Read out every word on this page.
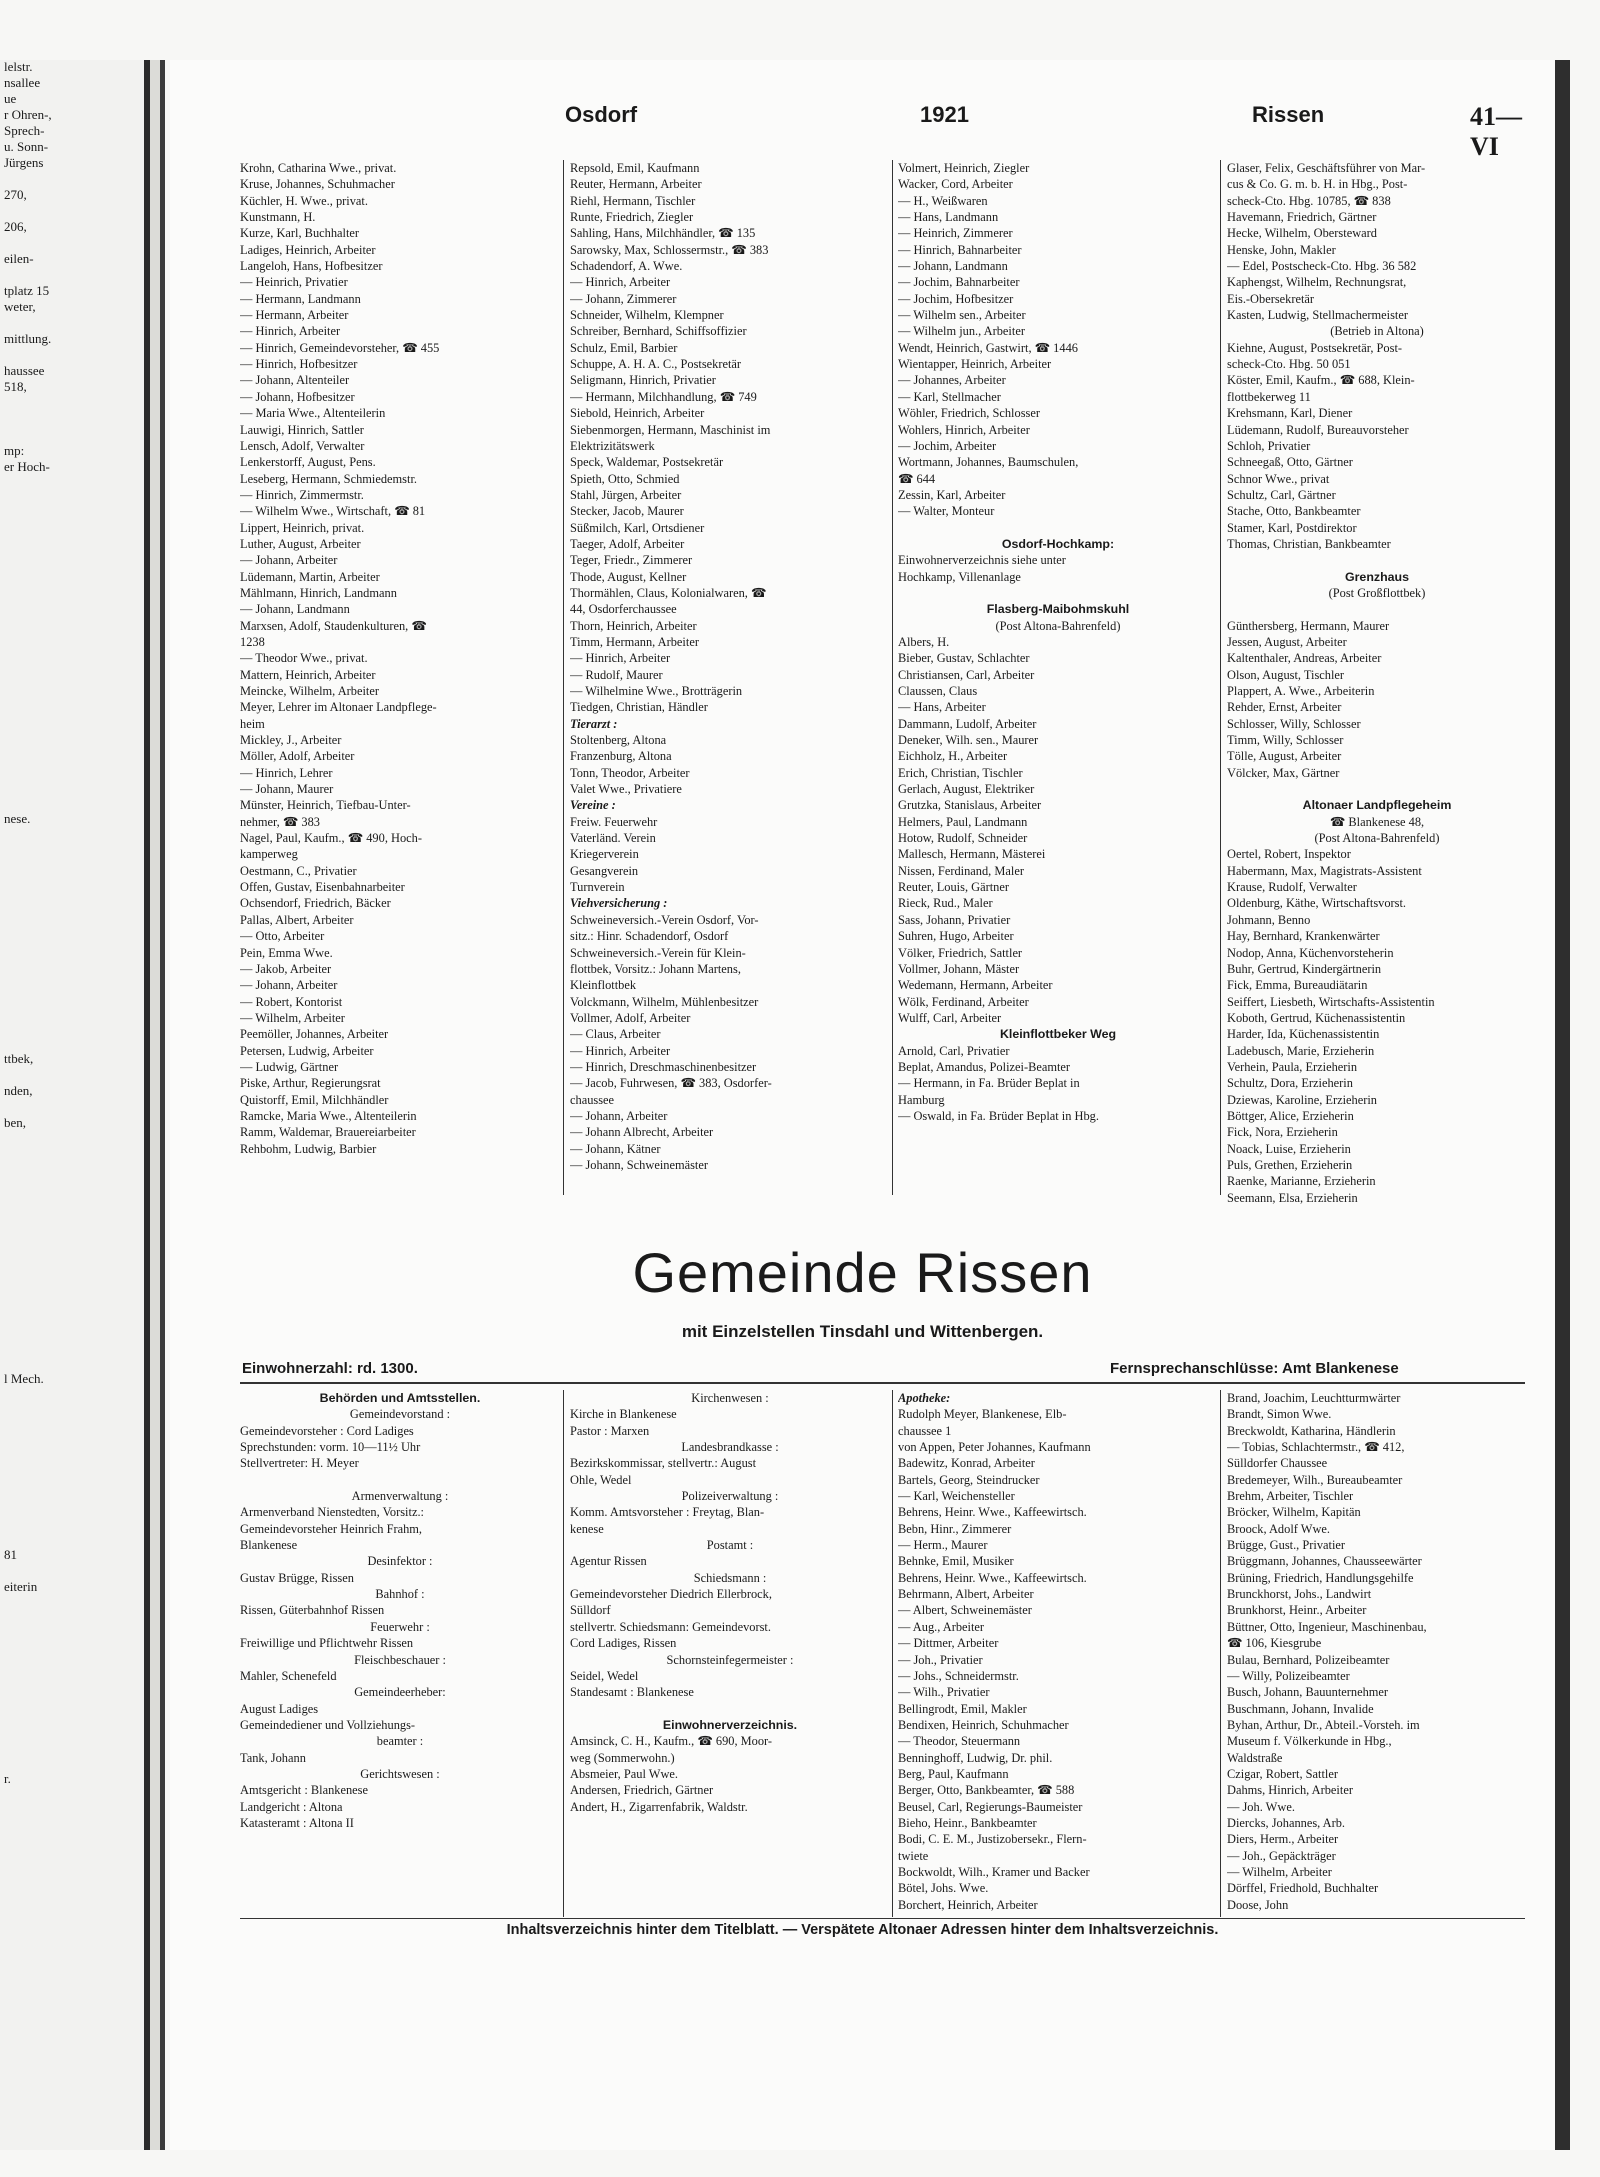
lelstr.
nsallee
ue
r Ohren-,
Sprech-
u. Sonn-
Jürgens
270,
206,
eilen-
tplatz 15
weter,
mittlung.
haussee
518,
mp:
er Hoch-
nese.
ttbek,
nden,
ben,
l Mech.
81
eiterin
r.
Osdorf	1921	Rissen	41—VI
Krohn, Catharina Wwe., privat.
Kruse, Johannes, Schuhmacher
Küchler, H. Wwe., privat.
Kunstmann, H.
Kurze, Karl, Buchhalter
Ladiges, Heinrich, Arbeiter
Langeloh, Hans, Hofbesitzer
— Heinrich, Privatier
— Hermann, Landmann
— Hermann, Arbeiter
— Hinrich, Arbeiter
— Hinrich, Gemeindevorsteher, ☎ 455
— Hinrich, Hofbesitzer
— Johann, Altenteiler
— Johann, Hofbesitzer
— Maria Wwe., Altenteilerin
Lauwigi, Hinrich, Sattler
Lensch, Adolf, Verwalter
Lenkerstorff, August, Pens.
Leseberg, Hermann, Schmiedemstr.
— Hinrich, Zimmermstr.
— Wilhelm Wwe., Wirtschaft, ☎ 81
Lippert, Heinrich, privat.
Luther, August, Arbeiter
— Johann, Arbeiter
Lüdemann, Martin, Arbeiter
Mählmann, Hinrich, Landmann
— Johann, Landmann
Marxsen, Adolf, Staudenkulturen, ☎
1238
— Theodor Wwe., privat.
Mattern, Heinrich, Arbeiter
Meincke, Wilhelm, Arbeiter
Meyer, Lehrer im Altonaer Landpflege-
heim
Mickley, J., Arbeiter
Möller, Adolf, Arbeiter
— Hinrich, Lehrer
— Johann, Maurer
Münster, Heinrich, Tiefbau-Unter-
nehmer, ☎ 383
Nagel, Paul, Kaufm., ☎ 490, Hoch-
kamperweg
Oestmann, C., Privatier
Offen, Gustav, Eisenbahnarbeiter
Ochsendorf, Friedrich, Bäcker
Pallas, Albert, Arbeiter
— Otto, Arbeiter
Pein, Emma Wwe.
— Jakob, Arbeiter
— Johann, Arbeiter
— Robert, Kontorist
— Wilhelm, Arbeiter
Peemöller, Johannes, Arbeiter
Petersen, Ludwig, Arbeiter
— Ludwig, Gärtner
Piske, Arthur, Regierungsrat
Quistorff, Emil, Milchhändler
Ramcke, Maria Wwe., Altenteilerin
Ramm, Waldemar, Brauereiarbeiter
Rehbohm, Ludwig, Barbier
Repsold, Emil, Kaufmann
Reuter, Hermann, Arbeiter
Riehl, Hermann, Tischler
Runte, Friedrich, Ziegler
Sahling, Hans, Milchhändler, ☎ 135
Sarowsky, Max, Schlossermstr., ☎ 383
Schadendorf, A. Wwe.
— Hinrich, Arbeiter
— Johann, Zimmerer
Schneider, Wilhelm, Klempner
Schreiber, Bernhard, Schiffsoffizier
Schulz, Emil, Barbier
Schuppe, A. H. A. C., Postsekretär
Seligmann, Hinrich, Privatier
— Hermann, Milchhandlung, ☎ 749
Siebold, Heinrich, Arbeiter
Siebenmorgen, Hermann, Maschinist im
Elektrizitätswerk
Speck, Waldemar, Postsekretär
Spieth, Otto, Schmied
Stahl, Jürgen, Arbeiter
Stecker, Jacob, Maurer
Süßmilch, Karl, Ortsdiener
Taeger, Adolf, Arbeiter
Teger, Friedr., Zimmerer
Thode, August, Kellner
Thormählen, Claus, Kolonialwaren, ☎
44, Osdorferchaussee
Thorn, Heinrich, Arbeiter
Timm, Hermann, Arbeiter
— Hinrich, Arbeiter
— Rudolf, Maurer
— Wilhelmine Wwe., Brotträgerin
Tiedgen, Christian, Händler
Tierarzt :
Stoltenberg, Altona
Franzenburg, Altona
Tonn, Theodor, Arbeiter
Valet Wwe., Privatiere
Vereine :
Freiw. Feuerwehr
Vaterländ. Verein
Kriegerverein
Gesangverein
Turnverein
Viehversicherung :
Schweineversich.-Verein Osdorf, Vor-
sitz.: Hinr. Schadendorf, Osdorf
Schweineversich.-Verein für Klein-
flottbek, Vorsitz.: Johann Martens,
Kleinflottbek
Volckmann, Wilhelm, Mühlenbesitzer
Vollmer, Adolf, Arbeiter
— Claus, Arbeiter
— Hinrich, Arbeiter
— Hinrich, Dreschmaschinenbesitzer
— Jacob, Fuhrwesen, ☎ 383, Osdorfer-
chaussee
— Johann, Arbeiter
— Johann Albrecht, Arbeiter
— Johann, Kätner
— Johann, Schweinemäster
Volmert, Heinrich, Ziegler
Wacker, Cord, Arbeiter
— H., Weißwaren
— Hans, Landmann
— Heinrich, Zimmerer
— Hinrich, Bahnarbeiter
— Johann, Landmann
— Jochim, Bahnarbeiter
— Jochim, Hofbesitzer
— Wilhelm sen., Arbeiter
— Wilhelm jun., Arbeiter
Wendt, Heinrich, Gastwirt, ☎ 1446
Wientapper, Heinrich, Arbeiter
— Johannes, Arbeiter
— Karl, Stellmacher
Wöhler, Friedrich, Schlosser
Wohlers, Hinrich, Arbeiter
— Jochim, Arbeiter
Wortmann, Johannes, Baumschulen,
☎ 644
Zessin, Karl, Arbeiter
— Walter, Monteur
Osdorf-Hochkamp:
Einwohnerverzeichnis siehe unter
Hochkamp, Villenanlage
Flasberg-Maibohmskuhl
(Post Altona-Bahrenfeld)
Albers, H.
Bieber, Gustav, Schlachter
Christiansen, Carl, Arbeiter
Claussen, Claus
— Hans, Arbeiter
Dammann, Ludolf, Arbeiter
Deneker, Wilh. sen., Maurer
Eichholz, H., Arbeiter
Erich, Christian, Tischler
Gerlach, August, Elektriker
Grutzka, Stanislaus, Arbeiter
Helmers, Paul, Landmann
Hotow, Rudolf, Schneider
Mallesch, Hermann, Mästerei
Nissen, Ferdinand, Maler
Reuter, Louis, Gärtner
Rieck, Rud., Maler
Sass, Johann, Privatier
Suhren, Hugo, Arbeiter
Völker, Friedrich, Sattler
Vollmer, Johann, Mäster
Wedemann, Hermann, Arbeiter
Wölk, Ferdinand, Arbeiter
Wulff, Carl, Arbeiter
Kleinflottbeker Weg
Arnold, Carl, Privatier
Beplat, Amandus, Polizei-Beamter
— Hermann, in Fa. Brüder Beplat in
Hamburg
— Oswald, in Fa. Brüder Beplat in Hbg.
Glaser, Felix, Geschäftsführer von Mar-
cus & Co. G. m. b. H. in Hbg., Post-
scheck-Cto. Hbg. 10785, ☎ 838
Havemann, Friedrich, Gärtner
Hecke, Wilhelm, Obersteward
Henske, John, Makler
— Edel, Postscheck-Cto. Hbg. 36 582
Kaphengst, Wilhelm, Rechnungsrat,
Eis.-Obersekretär
Kasten, Ludwig, Stellmachermeister
(Betrieb in Altona)
Kiehne, August, Postsekretär, Post-
scheck-Cto. Hbg. 50 051
Köster, Emil, Kaufm., ☎ 688, Klein-
flottbekerweg 11
Krehsmann, Karl, Diener
Lüdemann, Rudolf, Bureauvorsteher
Schloh, Privatier
Schneegaß, Otto, Gärtner
Schnor Wwe., privat
Schultz, Carl, Gärtner
Stache, Otto, Bankbeamter
Stamer, Karl, Postdirektor
Thomas, Christian, Bankbeamter
Grenzhaus
(Post Großflottbek)
Günthersberg, Hermann, Maurer
Jessen, August, Arbeiter
Kaltenthaler, Andreas, Arbeiter
Olson, August, Tischler
Plappert, A. Wwe., Arbeiterin
Rehder, Ernst, Arbeiter
Schlosser, Willy, Schlosser
Timm, Willy, Schlosser
Tölle, August, Arbeiter
Völcker, Max, Gärtner
Altonaer Landpflegeheim
☎ Blankenese 48,
(Post Altona-Bahrenfeld)
Oertel, Robert, Inspektor
Habermann, Max, Magistrats-Assistent
Krause, Rudolf, Verwalter
Oldenburg, Käthe, Wirtschaftsvorst.
Johmann, Benno
Hay, Bernhard, Krankenwärter
Nodop, Anna, Küchenvorsteherin
Buhr, Gertrud, Kindergärtnerin
Fick, Emma, Bureaudiätarin
Seiffert, Liesbeth, Wirtschafts-Assistentin
Koboth, Gertrud, Küchenassistentin
Harder, Ida, Küchenassistentin
Ladebusch, Marie, Erzieherin
Verhein, Paula, Erzieherin
Schultz, Dora, Erzieherin
Dziewas, Karoline, Erzieherin
Böttger, Alice, Erzieherin
Fick, Nora, Erzieherin
Noack, Luise, Erzieherin
Puls, Grethen, Erzieherin
Raenke, Marianne, Erzieherin
Seemann, Elsa, Erzieherin
Gemeinde Rissen
mit Einzelstellen Tinsdahl und Wittenbergen.
Einwohnerzahl: rd. 1300.	Fernsprechanschlüsse: Amt Blankenese
Behörden und Amtsstellen.
Gemeindevorstand :
Gemeindevorsteher : Cord Ladiges
Sprechstunden: vorm. 10—11½ Uhr
Stellvertreter: H. Meyer
Armenverwaltung :
Armenverband Nienstedten, Vorsitz.:
Gemeindevorsteher Heinrich Frahm,
Blankenese
Desinfektor :
Gustav Brügge, Rissen
Bahnhof :
Rissen, Güterbahnhof Rissen
Feuerwehr :
Freiwillige und Pflichtwehr Rissen
Fleischbeschauer :
Mahler, Schenefeld
Gemeindeerheber:
August Ladiges
Gemeindediener und Vollziehungs-
beamter :
Tank, Johann
Gerichtswesen :
Amtsgericht : Blankenese
Landgericht : Altona
Katasteramt : Altona II
Kirchenwesen :
Kirche in Blankenese
Pastor : Marxen
Landesbrandkasse :
Bezirkskommissar, stellvertr.: August
Ohle, Wedel
Polizeiverwaltung :
Komm. Amtsvorsteher : Freytag, Blan-
kenese
Postamt :
Agentur Rissen
Schiedsmann :
Gemeindevorsteher Diedrich Ellerbrock,
Sülldorf
stellvertr. Schiedsmann: Gemeindevorst.
Cord Ladiges, Rissen
Schornsteinfegermeister :
Seidel, Wedel
Standesamt : Blankenese
Einwohnerverzeichnis.
Amsinck, C. H., Kaufm., ☎ 690, Moor-
weg (Sommerwohn.)
Absmeier, Paul Wwe.
Andersen, Friedrich, Gärtner
Andert, H., Zigarrenfabrik, Waldstr.
Apotheke:
Rudolph Meyer, Blankenese, Elb-
chaussee 1
von Appen, Peter Johannes, Kaufmann
Badewitz, Konrad, Arbeiter
Bartels, Georg, Steindrucker
— Karl, Weichensteller
Behrens, Heinr. Wwe., Kaffeewirtsch.
Bebn, Hinr., Zimmerer
— Herm., Maurer
Behnke, Emil, Musiker
Behrens, Heinr. Wwe., Kaffeewirtsch.
Behrmann, Albert, Arbeiter
— Albert, Schweinemäster
— Aug., Arbeiter
— Dittmer, Arbeiter
— Joh., Privatier
— Johs., Schneidermstr.
— Wilh., Privatier
Bellingrodt, Emil, Makler
Bendixen, Heinrich, Schuhmacher
— Theodor, Steuermann
Benninghoff, Ludwig, Dr. phil.
Berg, Paul, Kaufmann
Berger, Otto, Bankbeamter, ☎ 588
Beusel, Carl, Regierungs-Baumeister
Bieho, Heinr., Bankbeamter
Bodi, C. E. M., Justizobersekr., Flern-
twiete
Bockwoldt, Wilh., Kramer und Backer
Bötel, Johs. Wwe.
Borchert, Heinrich, Arbeiter
Brand, Joachim, Leuchtturmwärter
Brandt, Simon Wwe.
Breckwoldt, Katharina, Händlerin
— Tobias, Schlachtermstr., ☎ 412,
Sülldorfer Chaussee
Bredemeyer, Wilh., Bureaubeamter
Brehm, Arbeiter, Tischler
Bröcker, Wilhelm, Kapitän
Broock, Adolf Wwe.
Brügge, Gust., Privatier
Brüggmann, Johannes, Chausseewärter
Brüning, Friedrich, Handlungsgehilfe
Brunckhorst, Johs., Landwirt
Brunkhorst, Heinr., Arbeiter
Büttner, Otto, Ingenieur, Maschinenbau,
☎ 106, Kiesgrube
Bulau, Bernhard, Polizeibeamter
— Willy, Polizeibeamter
Busch, Johann, Bauunternehmer
Buschmann, Johann, Invalide
Byhan, Arthur, Dr., Abteil.-Vorsteh. im
Museum f. Völkerkunde in Hbg.,
Waldstraße
Czigar, Robert, Sattler
Dahms, Hinrich, Arbeiter
— Joh. Wwe.
Diercks, Johannes, Arb.
Diers, Herm., Arbeiter
— Joh., Gepäckträger
— Wilhelm, Arbeiter
Dörffel, Friedhold, Buchhalter
Doose, John
Inhaltsverzeichnis hinter dem Titelblatt. — Verspätete Altonaer Adressen hinter dem Inhaltsverzeichnis.
